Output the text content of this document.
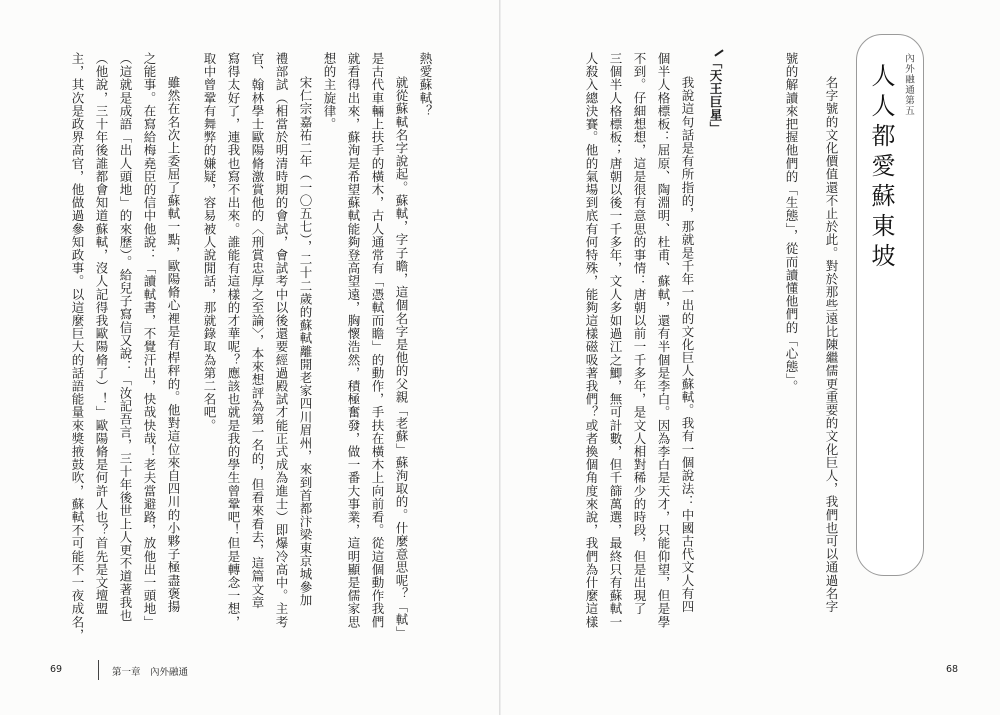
內外融通第五
人人都愛蘇東坡
名字號的文化價值還不止於此。對於那些遠比陳繼儒更重要的文化巨人，我們也可以通過名字
號的解讀來把握他們的「生態」，從而讀懂他們的「心態」。
「天王巨星」
我說這句話是有所指的，那就是千年一出的文化巨人蘇軾。我有一個說法：中國古代文人有四
個半人格標板：屈原、陶淵明、杜甫、蘇軾，還有半個是李白。因為李白是天才，只能仰望，但是學
不到。仔細想想，這是很有意思的事情：唐朝以前一千多年，是文人相對稀少的時段，但是出現了
三個半人格標板；唐朝以後一千多年，文人多如過江之鯽，無可計數，但千篩萬選，最終只有蘇軾一
人殺入總決賽。他的氣場到底有何特殊，能夠這樣磁吸著我們？或者換個角度來說，我們為什麼這樣
68
熱愛蘇軾？
就從蘇軾名字說起。蘇軾，字子瞻，這個名字是他的父親「老蘇」蘇洵取的。什麼意思呢？「軾」
是古代車輛上扶手的橫木，古人通常有「憑軾而瞻」的動作，手扶在橫木上向前看。從這個動作我們
就看得出來，蘇洵是希望蘇軾能夠登高望遠，胸懷浩然，積極奮發，做一番大事業，這明顯是儒家思
想的主旋律。
宋仁宗嘉祐二年（一〇五七），二十二歲的蘇軾離開老家四川眉州，來到首都汴梁東京城參加
禮部試（相當於明清時期的會試，會試考中以後還要經過殿試才能正式成為進士）即爆冷高中。主考
官、翰林學士歐陽脩激賞他的〈刑賞忠厚之至論〉，本來想評為第一名的，但看來看去，這篇文章
寫得太好了，連我也寫不出來。誰能有這樣的才華呢？應該也就是我的學生曾鞏吧！但是轉念一想，
取中曾鞏有舞弊的嫌疑，容易被人說閒話，那就錄取為第二名吧。
雖然在名次上委屈了蘇軾一點，歐陽脩心裡是有桿秤的。他對這位來自四川的小夥子極盡褒揚
之能事。在寫給梅堯臣的信中他說：「讀軾書，不覺汗出，快哉快哉！老夫當避路，放他出一頭地」
（這就是成語「出人頭地」的來歷）。給兒子寫信又說：「汝記吾言，三十年後世上人更不道著我也
（他說，三十年後誰都會知道蘇軾，沒人記得我歐陽脩了）！」歐陽脩是何許人也？首先是文壇盟
主，其次是政界高官，他做過參知政事。以這麼巨大的話語能量來獎掖鼓吹，蘇軾不可能不一夜成名，
69	第一章　內外融通
